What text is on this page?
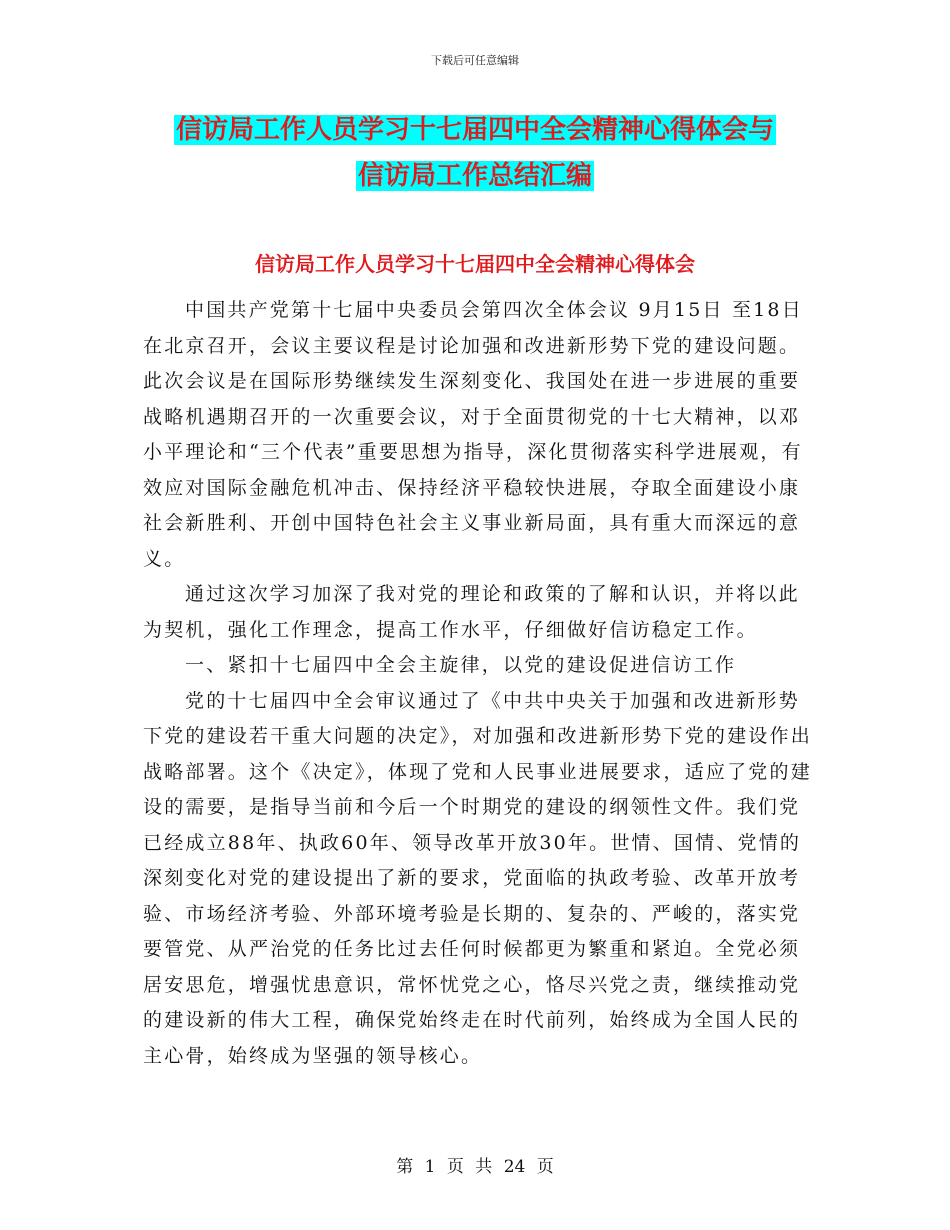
下载后可任意编辑
信访局工作人员学习十七届四中全会精神心得体会与
信访局工作总结汇编
信访局工作人员学习十七届四中全会精神心得体会

中国共产党第十七届中央委员会第四次全体会议 9月15日 至18日在北京召开，会议主要议程是讨论加强和改进新形势下党的建设问题。此次会议是在国际形势继续发生深刻变化、我国处在进一步进展的重要战略机遇期召开的一次重要会议，对于全面贯彻党的十七大精神，以邓小平理论和“三个代表”重要思想为指导，深化贯彻落实科学进展观，有效应对国际金融危机冲击、保持经济平稳较快进展，夺取全面建设小康社会新胜利、开创中国特色社会主义事业新局面，具有重大而深远的意义。

通过这次学习加深了我对党的理论和政策的了解和认识，并将以此为契机，强化工作理念，提高工作水平，仔细做好信访稳定工作。

一、紧扣十七届四中全会主旋律，以党的建设促进信访工作

党的十七届四中全会审议通过了《中共中央关于加强和改进新形势下党的建设若干重大问题的决定》，对加强和改进新形势下党的建设作出战略部署。这个《决定》，体现了党和人民事业进展要求，适应了党的建设的需要，是指导当前和今后一个时期党的建设的纲领性文件。我们党已经成立88年、执政60年、领导改革开放30年。世情、国情、党情的深刻变化对党的建设提出了新的要求，党面临的执政考验、改革开放考验、市场经济考验、外部环境考验是长期的、复杂的、严峻的，落实党要管党、从严治党的任务比过去任何时候都更为繁重和紧迫。全党必须居安思危，增强忧患意识，常怀忧党之心，恪尽兴党之责，继续推动党的建设新的伟大工程，确保党始终走在时代前列，始终成为全国人民的主心骨，始终成为坚强的领导核心。

第 1 页 共 24 页
